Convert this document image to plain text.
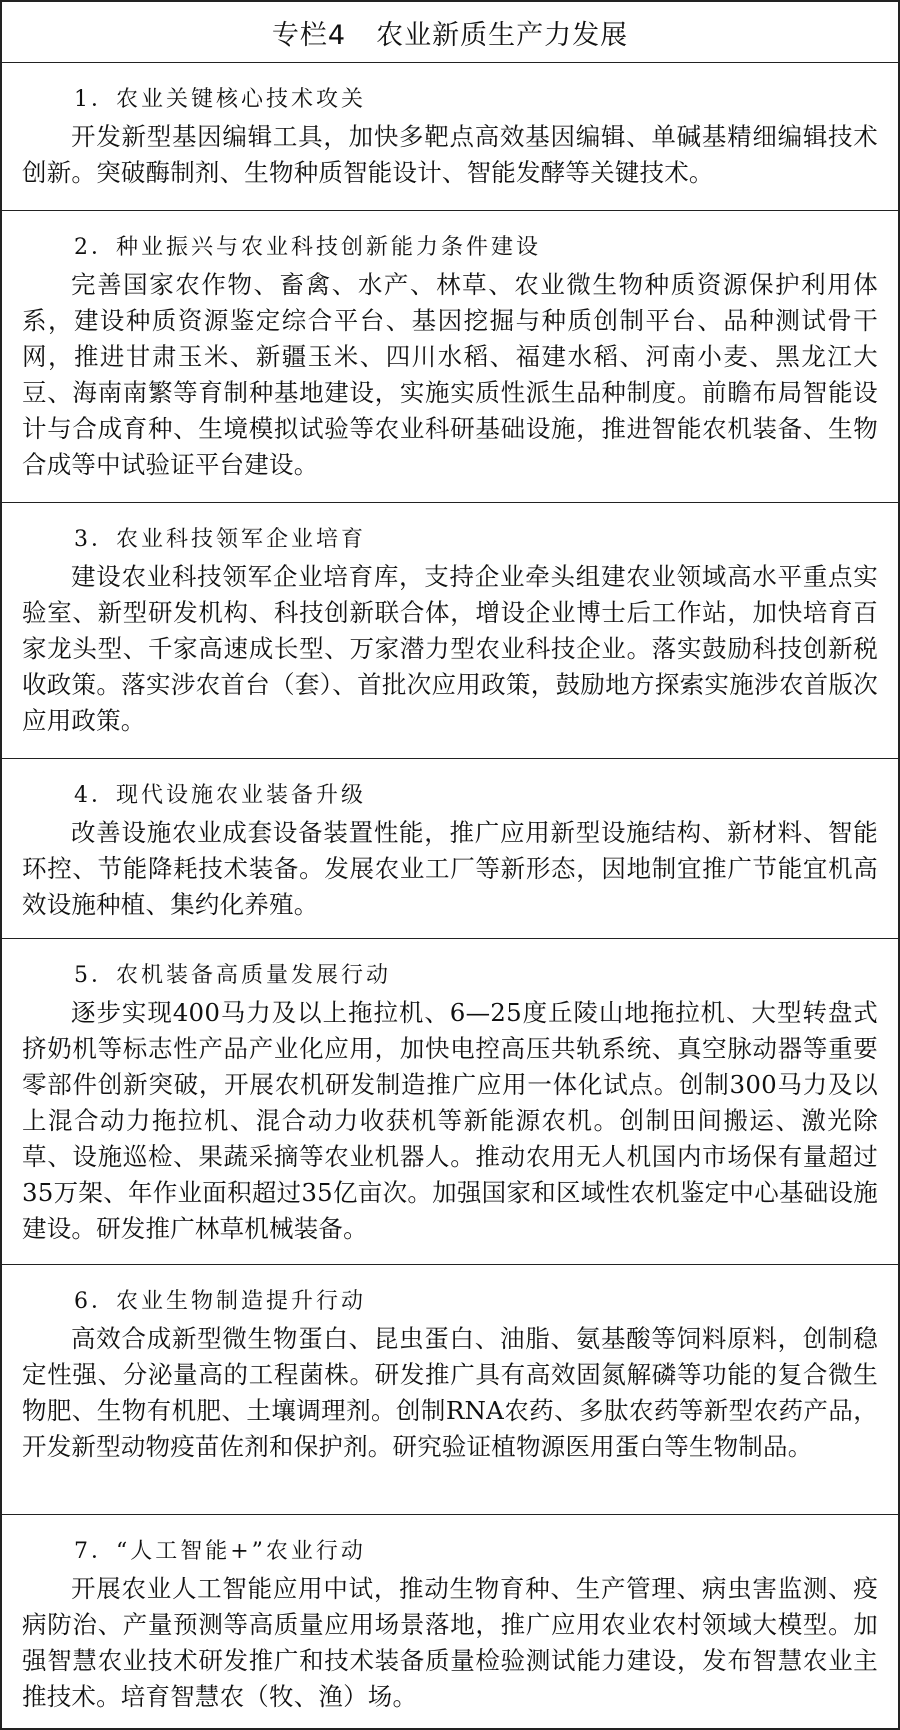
专栏4 农业新质生产力发展
1．农业关键核心技术攻关
开发新型基因编辑工具，加快多靶点高效基因编辑、单碱基精细编辑技术创新。突破酶制剂、生物种质智能设计、智能发酵等关键技术。
2．种业振兴与农业科技创新能力条件建设
完善国家农作物、畜禽、水产、林草、农业微生物种质资源保护利用体系，建设种质资源鉴定综合平台、基因挖掘与种质创制平台、品种测试骨干网，推进甘肃玉米、新疆玉米、四川水稻、福建水稻、河南小麦、黑龙江大豆、海南南繁等育制种基地建设，实施实质性派生品种制度。前瞻布局智能设计与合成育种、生境模拟试验等农业科研基础设施，推进智能农机装备、生物合成等中试验证平台建设。
3．农业科技领军企业培育
建设农业科技领军企业培育库，支持企业牵头组建农业领域高水平重点实验室、新型研发机构、科技创新联合体，增设企业博士后工作站，加快培育百家龙头型、千家高速成长型、万家潜力型农业科技企业。落实鼓励科技创新税收政策。落实涉农首台（套）、首批次应用政策，鼓励地方探索实施涉农首版次应用政策。
4．现代设施农业装备升级
改善设施农业成套设备装置性能，推广应用新型设施结构、新材料、智能环控、节能降耗技术装备。发展农业工厂等新形态，因地制宜推广节能宜机高效设施种植、集约化养殖。
5．农机装备高质量发展行动
逐步实现400马力及以上拖拉机、6—25度丘陵山地拖拉机、大型转盘式挤奶机等标志性产品产业化应用，加快电控高压共轨系统、真空脉动器等重要零部件创新突破，开展农机研发制造推广应用一体化试点。创制300马力及以上混合动力拖拉机、混合动力收获机等新能源农机。创制田间搬运、激光除草、设施巡检、果蔬采摘等农业机器人。推动农用无人机国内市场保有量超过35万架、年作业面积超过35亿亩次。加强国家和区域性农机鉴定中心基础设施建设。研发推广林草机械装备。
6．农业生物制造提升行动
高效合成新型微生物蛋白、昆虫蛋白、油脂、氨基酸等饲料原料，创制稳定性强、分泌量高的工程菌株。研发推广具有高效固氮解磷等功能的复合微生物肥、生物有机肥、土壤调理剂。创制RNA农药、多肽农药等新型农药产品，开发新型动物疫苗佐剂和保护剂。研究验证植物源医用蛋白等生物制品。
7．“人工智能+”农业行动
开展农业人工智能应用中试，推动生物育种、生产管理、病虫害监测、疫病防治、产量预测等高质量应用场景落地，推广应用农业农村领域大模型。加强智慧农业技术研发推广和技术装备质量检验测试能力建设，发布智慧农业主推技术。培育智慧农（牧、渔）场。
